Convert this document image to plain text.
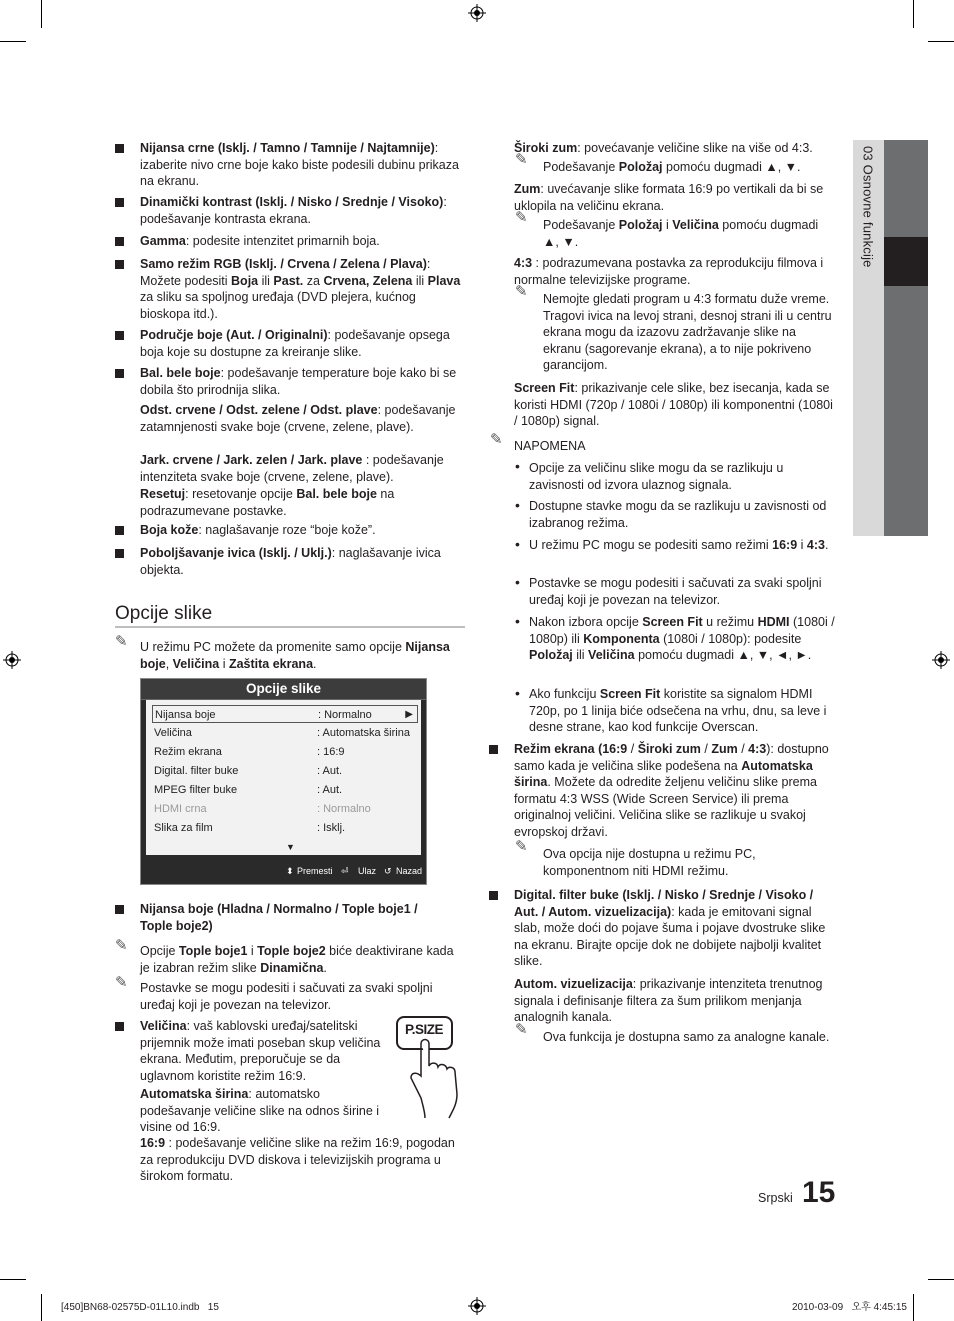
03 Osnovne funkcije
Nijansa crne (Isklj. / Tamno / Tamnije / Najtamnije): izaberite nivo crne boje kako biste podesili dubinu prikaza na ekranu.
Dinamički kontrast (Isklj. / Nisko / Srednje / Visoko): podešavanje kontrasta ekrana.
Gamma: podesite intenzitet primarnih boja.
Samo režim RGB (Isklj. / Crvena / Zelena / Plava): Možete podesiti Boja ili Past. za Crvena, Zelena ili Plava za sliku sa spoljnog uređaja (DVD plejera, kućnog bioskopa itd.).
Područje boje (Aut. / Originalni): podešavanje opsega boja koje su dostupne za kreiranje slike.
Bal. bele boje: podešavanje temperature boje kako bi se dobila što prirodnija slika.
Odst. crvene / Odst. zelene / Odst. plave: podešavanje zatamnjenosti svake boje (crvene, zelene, plave).
Jark. crvene / Jark. zelen / Jark. plave : podešavanje intenziteta svake boje (crvene, zelene, plave).
Resetuj: resetovanje opcije Bal. bele boje na podrazumevane postavke.
Boja kože: naglašavanje roze “boje kože”.
Poboljšavanje ivica (Isklj. / Uklj.): naglašavanje ivica objekta.
Opcije slike
✎ U režimu PC možete da promenite samo opcije Nijansa boje, Veličina i Zaštita ekrana.
Opcije slike
Nijansa boje	: Normalno	▶
Veličina	: Automatska širina
Režim ekrana	: 16:9
Digital. filter buke	: Aut.
MPEG filter buke	: Aut.
HDMI crna	: Normalno
Slika za film	: Isklj.
▼
⬍ Premesti ⏎ Ulaz ↺ Nazad
Nijansa boje (Hladna / Normalno / Tople boje1 / Tople boje2)
✎ Opcije Tople boje1 i Tople boje2 biće deaktivirane kada je izabran režim slike Dinamična.
✎ Postavke se mogu podesiti i sačuvati za svaki spoljni uređaj koji je povezan na televizor.
Veličina: vaš kablovski uređaj/satelitski prijemnik može imati poseban skup veličina ekrana. Međutim, preporučuje se da uglavnom koristite režim 16:9.
P.SIZE
Automatska širina: automatsko podešavanje veličine slike na odnos širine i visine od 16:9.
16:9 : podešavanje veličine slike na režim 16:9, pogodan za reprodukciju DVD diskova i televizijskih programa u širokom formatu.
Široki zum: povećavanje veličine slike na više od 4:3.
✎ Podešavanje Položaj pomoću dugmadi ▲, ▼.
Zum: uvećavanje slike formata 16:9 po vertikali da bi se uklopila na veličinu ekrana.
✎ Podešavanje Položaj i Veličina pomoću dugmadi ▲, ▼.
4:3 : podrazumevana postavka za reprodukciju filmova i normalne televizijske programe.
✎ Nemojte gledati program u 4:3 formatu duže vreme. Tragovi ivica na levoj strani, desnoj strani ili u centru ekrana mogu da izazovu zadržavanje slike na ekranu (sagorevanje ekrana), a to nije pokriveno garancijom.
Screen Fit: prikazivanje cele slike, bez isecanja, kada se koristi HDMI (720p / 1080i / 1080p) ili komponentni (1080i / 1080p) signal.
✎ NAPOMENA
• Opcije za veličinu slike mogu da se razlikuju u zavisnosti od izvora ulaznog signala.
• Dostupne stavke mogu da se razlikuju u zavisnosti od izabranog režima.
• U režimu PC mogu se podesiti samo režimi 16:9 i 4:3.
• Postavke se mogu podesiti i sačuvati za svaki spoljni uređaj koji je povezan na televizor.
• Nakon izbora opcije Screen Fit u režimu HDMI (1080i / 1080p) ili Komponenta (1080i / 1080p): podesite Položaj ili Veličina pomoću dugmadi ▲, ▼, ◄, ►.
• Ako funkciju Screen Fit koristite sa signalom HDMI 720p, po 1 linija biće odsečena na vrhu, dnu, sa leve i desne strane, kao kod funkcije Overscan.
Režim ekrana (16:9 / Široki zum / Zum / 4:3): dostupno samo kada je veličina slike podešena na Automatska širina. Možete da odredite željenu veličinu slike prema formatu 4:3 WSS (Wide Screen Service) ili prema originalnoj veličini. Veličina slike se razlikuje u svakoj evropskoj državi.
✎ Ova opcija nije dostupna u režimu PC, komponentnom niti HDMI režimu.
Digital. filter buke (Isklj. / Nisko / Srednje / Visoko / Aut. / Autom. vizuelizacija): kada je emitovani signal slab, može doći do pojave šuma i pojave dvostruke slike na ekranu. Birajte opcije dok ne dobijete najbolji kvalitet slike.
Autom. vizuelizacija: prikazivanje intenziteta trenutnog signala i definisanje filtera za šum prilikom menjanja analognih kanala.
✎ Ova funkcija je dostupna samo za analogne kanale.
Srpski 15
[450]BN68-02575D-01L10.indb   15	2010-03-09   오후 4:45:15
